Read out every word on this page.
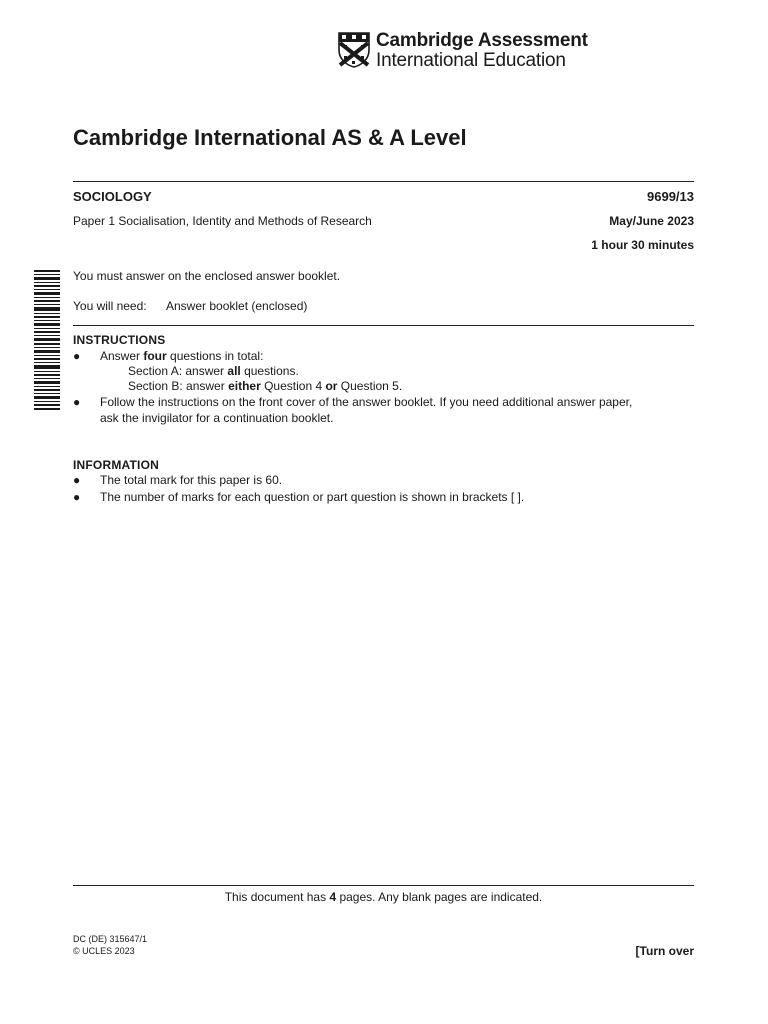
Cambridge Assessment
International Education
Cambridge International AS & A Level
SOCIOLOGY	9699/13
Paper 1 Socialisation, Identity and Methods of Research	May/June 2023
1 hour 30 minutes
You must answer on the enclosed answer booklet.
You will need: Answer booklet (enclosed)
INSTRUCTIONS
● Answer four questions in total:
Section A: answer all questions.
Section B: answer either Question 4 or Question 5.
● Follow the instructions on the front cover of the answer booklet. If you need additional answer paper,
ask the invigilator for a continuation booklet.
INFORMATION
● The total mark for this paper is 60.
● The number of marks for each question or part question is shown in brackets [ ].
This document has 4 pages. Any blank pages are indicated.
DC (DE) 315647/1
© UCLES 2023	[Turn over
